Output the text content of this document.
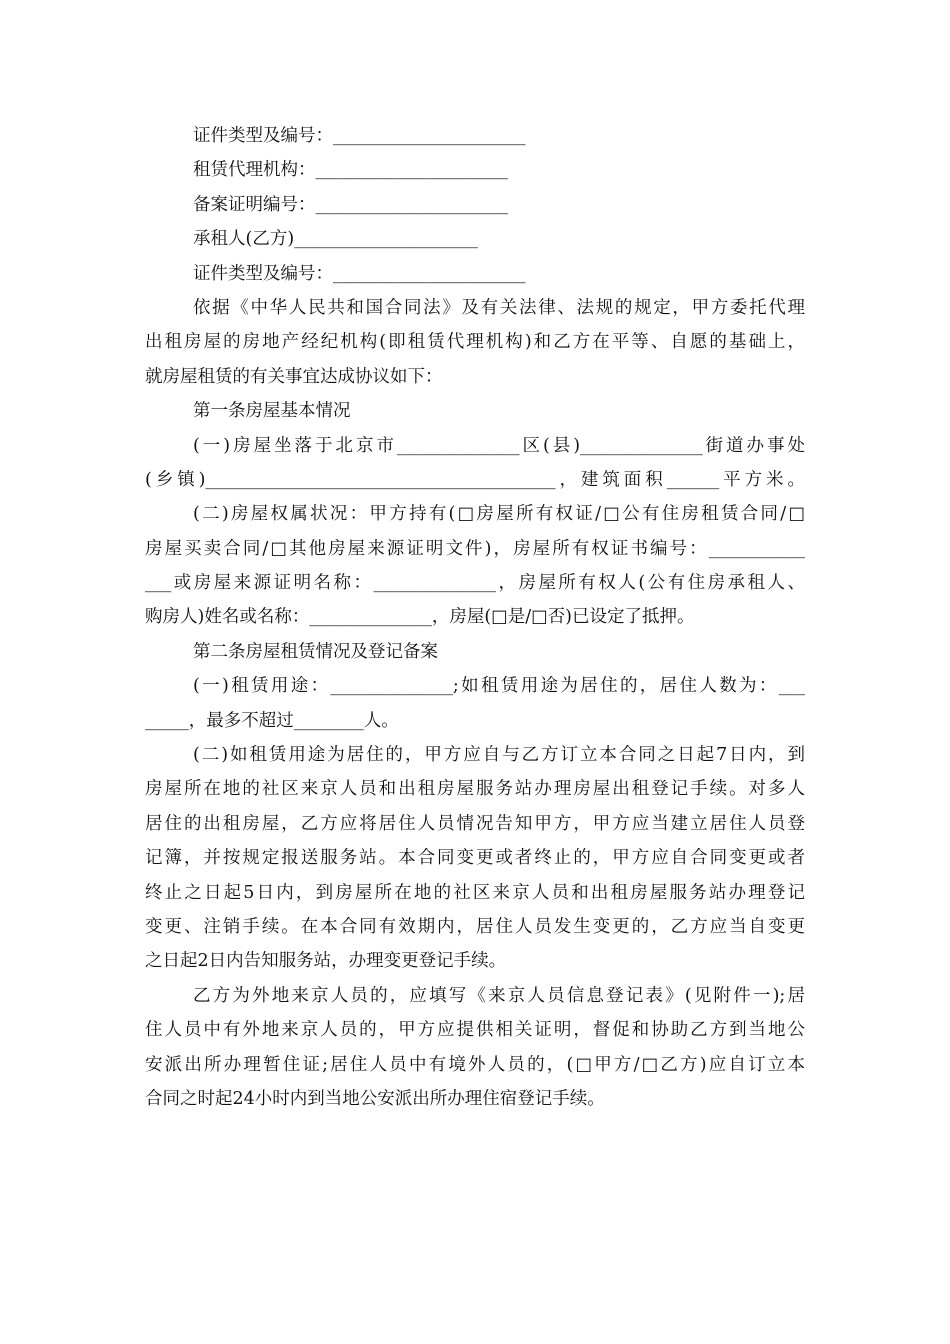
证件类型及编号：______________________
租赁代理机构：______________________
备案证明编号：______________________
承租人(乙方)_____________________
证件类型及编号：______________________
依据《中华人民共和国合同法》及有关法律、法规的规定，甲方委托代理
出租房屋的房地产经纪机构(即租赁代理机构)和乙方在平等、自愿的基础上，
就房屋租赁的有关事宜达成协议如下：
第一条房屋基本情况
(一)房屋坐落于北京市______________区(县)______________街道办事处
(乡镇)________________________________________，建筑面积______平方米。
(二)房屋权属状况：甲方持有(□房屋所有权证/□公有住房租赁合同/□
房屋买卖合同/□其他房屋来源证明文件)，房屋所有权证书编号：___________
___或房屋来源证明名称：______________，房屋所有权人(公有住房承租人、
购房人)姓名或名称：______________，房屋(□是/□否)已设定了抵押。
第二条房屋租赁情况及登记备案
(一)租赁用途：______________;如租赁用途为居住的，居住人数为：___
_____，最多不超过________人。
(二)如租赁用途为居住的，甲方应自与乙方订立本合同之日起7日内，到
房屋所在地的社区来京人员和出租房屋服务站办理房屋出租登记手续。对多人
居住的出租房屋，乙方应将居住人员情况告知甲方，甲方应当建立居住人员登
记簿，并按规定报送服务站。本合同变更或者终止的，甲方应自合同变更或者
终止之日起5日内，到房屋所在地的社区来京人员和出租房屋服务站办理登记
变更、注销手续。在本合同有效期内，居住人员发生变更的，乙方应当自变更
之日起2日内告知服务站，办理变更登记手续。
乙方为外地来京人员的，应填写《来京人员信息登记表》(见附件一);居
住人员中有外地来京人员的，甲方应提供相关证明，督促和协助乙方到当地公
安派出所办理暂住证;居住人员中有境外人员的，(□甲方/□乙方)应自订立本
合同之时起24小时内到当地公安派出所办理住宿登记手续。
